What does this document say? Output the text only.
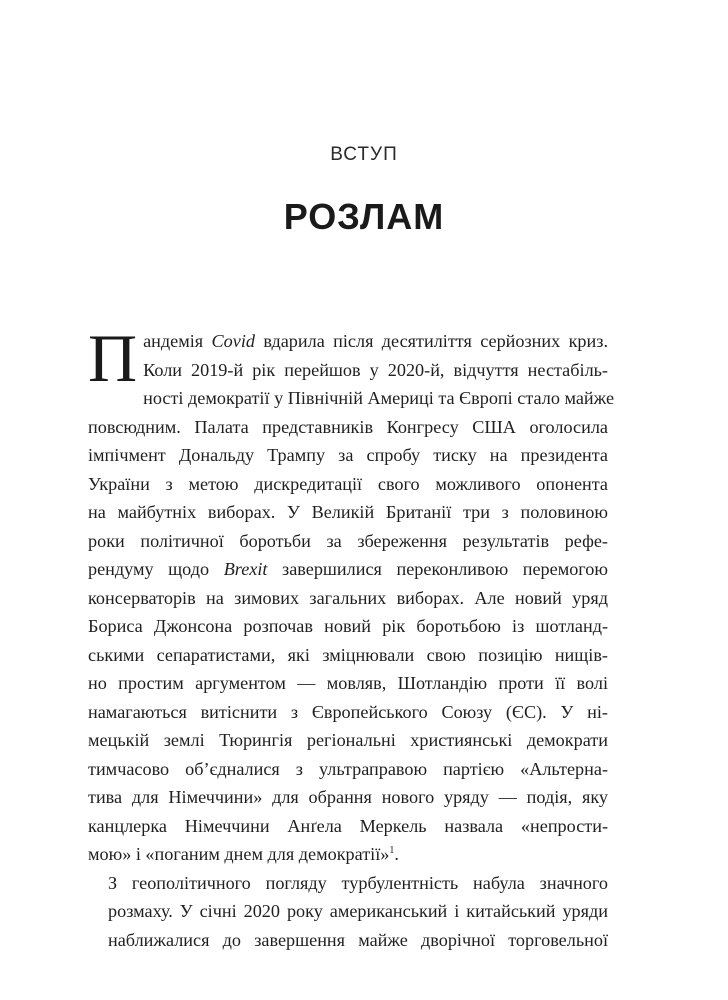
ВСТУП
РОЗЛАМ

П андемія Covid вдарила після десятиліття серйозних криз.
Коли 2019-й рік перейшов у 2020-й, відчуття нестабіль-
ності демократії у Північній Америці та Європі стало майже
повсюдним. Палата представників Конгресу США оголосила
імпічмент Дональду Трампу за спробу тиску на президента
України з метою дискредитації свого можливого опонента
на майбутніх виборах. У Великій Британії три з половиною
роки політичної боротьби за збереження результатів рефе-
рендуму щодо Brexit завершилися переконливою перемогою
консерваторів на зимових загальних виборах. Але новий уряд
Бориса Джонсона розпочав новий рік боротьбою із шотланд-
ськими сепаратистами, які зміцнювали свою позицію нищів-
но простим аргументом — мовляв, Шотландію проти її волі
намагаються витіснити з Європейського Союзу (ЄС). У ні-
мецькій землі Тюрингія регіональні християнські демократи
тимчасово об’єдналися з ультраправою партією «Альтерна-
тива для Німеччини» для обрання нового уряду — подія, яку
канцлерка Німеччини Анґела Меркель назвала «непрости-
мою» і «поганим днем для демократії»$^1$.

З геополітичного погляду турбулентність набула значного
розмаху. У січні 2020 року американський і китайський уряди
наближалися до завершення майже дворічної торговельної
